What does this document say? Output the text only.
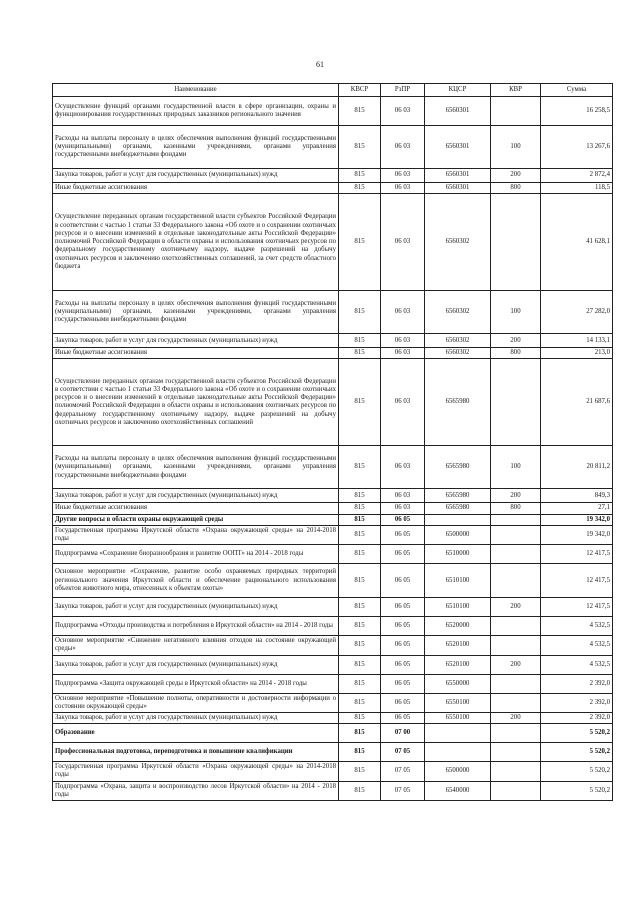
61
Наименование	КВСР	РзПР	КЦСР	КВР	Сумма
Осуществление функций органами государственной власти в сфере организации, охраны и функционирования государственных природных заказников регионального значения	815	06 03	6560301		16 258,5
Расходы на выплаты персоналу в целях обеспечения выполнения функций государственными (муниципальными) органами, казенными учреждениями, органами управления государственными внебюджетными фондами	815	06 03	6560301	100	13 267,6
Закупка товаров, работ и услуг для государственных (муниципальных) нужд	815	06 03	6560301	200	2 872,4
Иные бюджетные ассигнования	815	06 03	6560301	800	118,5
Осуществление переданных органам государственной власти субъектов Российской Федерации в соответствии с частью 1 статьи 33 Федерального закона «Об охоте и о сохранении охотничьих ресурсов и о внесении изменений в отдельные законодательные акты Российской Федерации» полномочий Российской Федерации в области охраны и использования охотничьих ресурсов по федеральному государственному охотничьему надзору, выдаче разрешений на добычу охотничьих ресурсов и заключению охотхозяйственных соглашений, за счет средств областного бюджета	815	06 03	6560302		41 628,1
Расходы на выплаты персоналу в целях обеспечения выполнения функций государственными (муниципальными) органами, казенными учреждениями, органами управления государственными внебюджетными фондами	815	06 03	6560302	100	27 282,0
Закупка товаров, работ и услуг для государственных (муниципальных) нужд	815	06 03	6560302	200	14 133,1
Иные бюджетные ассигнования	815	06 03	6560302	800	213,0
Осуществление переданных органам государственной власти субъектов Российской Федерации в соответствии с частью 1 статьи 33 Федерального закона «Об охоте и о сохранении охотничьих ресурсов и о внесении изменений в отдельные законодательные акты Российской Федерации» полномочий Российской Федерации в области охраны и использования охотничьих ресурсов по федеральному государственному охотничьему надзору, выдаче разрешений на добычу охотничьих ресурсов и заключению охотхозяйственных соглашений	815	06 03	6565980		21 687,6
Расходы на выплаты персоналу в целях обеспечения выполнения функций государственными (муниципальными) органами, казенными учреждениями, органами управления государственными внебюджетными фондами	815	06 03	6565980	100	20 811,2
Закупка товаров, работ и услуг для государственных (муниципальных) нужд	815	06 03	6565980	200	849,3
Иные бюджетные ассигнования	815	06 03	6565980	800	27,1
Другие вопросы в области охраны окружающей среды	815	06 05			19 342,0
Государственная программа Иркутской области «Охрана окружающей среды» на 2014-2018 годы	815	06 05	6500000		19 342,0
Подпрограмма «Сохранение биоразнообразия и развитие ООПТ» на 2014 - 2018 годы	815	06 05	6510000		12 417,5
Основное мероприятие «Сохранение, развитие особо охраняемых природных территорий регионального значения Иркутской области и обеспечение рационального использования объектов животного мира, отнесенных к объектам охоты»	815	06 05	6510100		12 417,5
Закупка товаров, работ и услуг для государственных (муниципальных) нужд	815	06 05	6510100	200	12 417,5
Подпрограмма «Отходы производства и потребления в Иркутской области» на 2014 - 2018 годы	815	06 05	6520000		4 532,5
Основное мероприятие «Снижение негативного влияния отходов на состояние окружающей среды»	815	06 05	6520100		4 532,5
Закупка товаров, работ и услуг для государственных (муниципальных) нужд	815	06 05	6520100	200	4 532,5
Подпрограмма «Защита окружающей среды в Иркутской области» на 2014 - 2018 годы	815	06 05	6550000		2 392,0
Основное мероприятие «Повышение полноты, оперативности и достоверности информации о состоянии окружающей среды»	815	06 05	6550100		2 392,0
Закупка товаров, работ и услуг для государственных (муниципальных) нужд	815	06 05	6550100	200	2 392,0
Образование	815	07 00			5 520,2
Профессиональная подготовка, переподготовка и повышение квалификации	815	07 05			5 520,2
Государственная программа Иркутской области «Охрана окружающей среды» на 2014-2018 годы	815	07 05	6500000		5 520,2
Подпрограмма «Охрана, защита и воспроизводство лесов Иркутской области» на 2014 - 2018 годы	815	07 05	6540000		5 520,2
